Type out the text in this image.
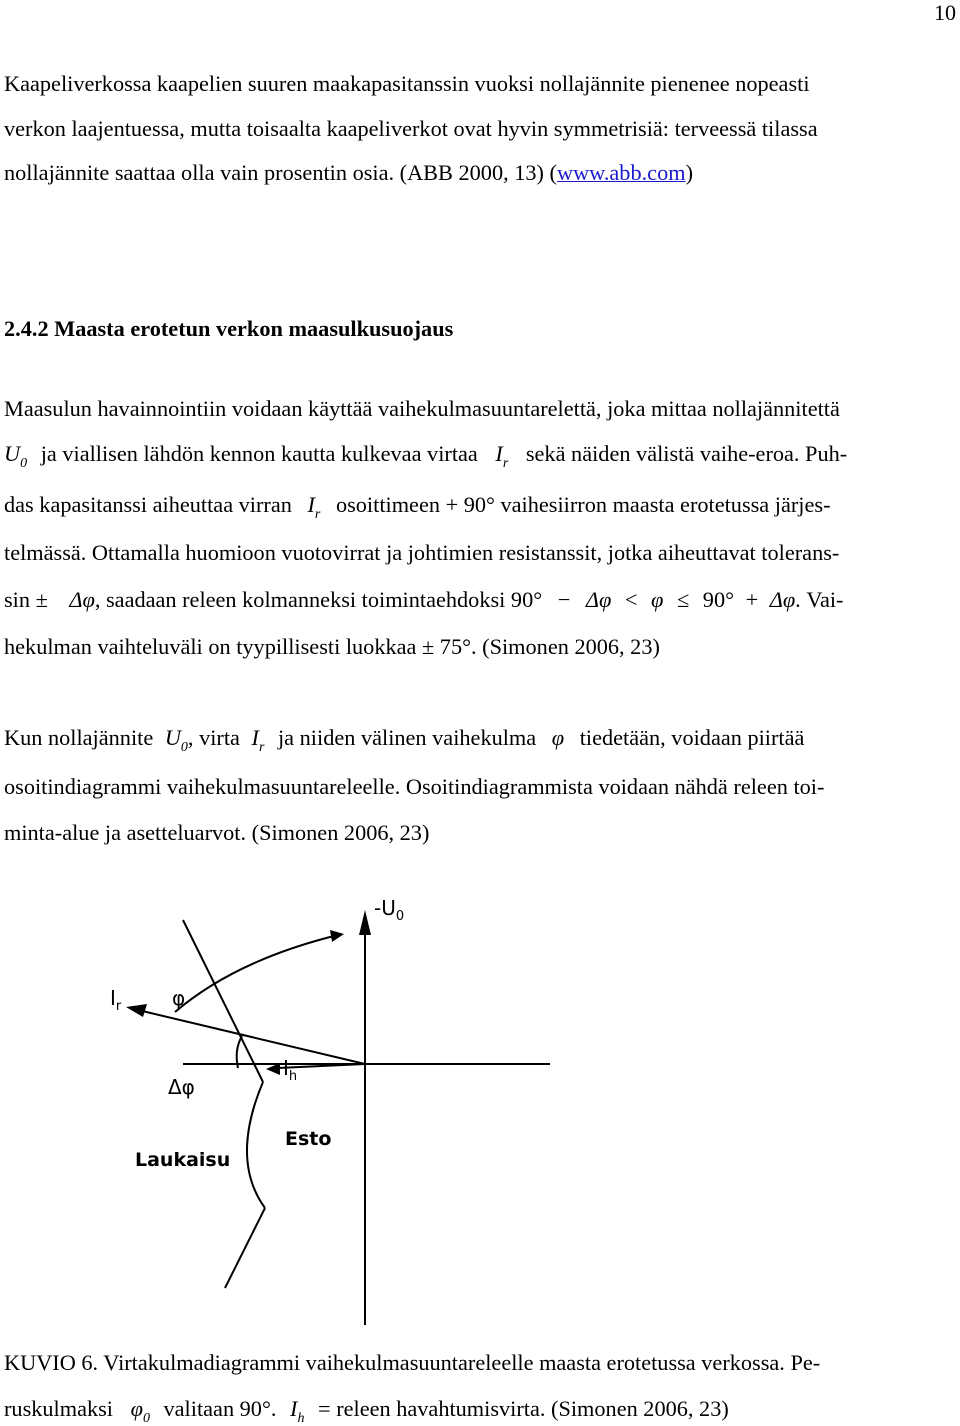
10
Kaapeliverkossa kaapelien suuren maakapasitanssin vuoksi nollajännite pienenee nopeasti
verkon laajentuessa, mutta toisaalta kaapeliverkot ovat hyvin symmetrisiä: terveessä tilassa
nollajännite saattaa olla vain prosentin osia. (ABB 2000, 13) (www.abb.com)
2.4.2 Maasta erotetun verkon maasulkusuojaus
Maasulun havainnointiin voidaan käyttää vaihekulmasuuntarelettä, joka mittaa nollajännitettä
$U_0$ ja viallisen lähdön kennon kautta kulkevaa virtaa $I_r$ sekä näiden välistä vaihe-eroa. Puh-
das kapasitanssi aiheuttaa virran $I_r$ osoittimeen + 90° vaihesiirron maasta erotetussa järjes-
telmässä. Ottamalla huomioon vuotovirrat ja johtimien resistanssit, jotka aiheuttavat tolerans-
sin ± Δφ, saadaan releen kolmanneksi toimintaehdoksi 90° − Δφ < φ ≤ 90° + Δφ. Vai-
hekulman vaihteluväli on tyypillisesti luokkaa ± 75°. (Simonen 2006, 23)
Kun nollajännite $U_0$, virta $I_r$ ja niiden välinen vaihekulma φ tiedetään, voidaan piirtää
osoitindiagrammi vaihekulmasuuntareleelle. Osoitindiagrammista voidaan nähdä releen toi-
minta-alue ja asetteluarvot. (Simonen 2006, 23)
$-U_0$
$I_r$	φ
$I_h$
Δφ
Esto
Laukaisu
KUVIO 6. Virtakulmadiagrammi vaihekulmasuuntareleelle maasta erotetussa verkossa. Pe-
ruskulmaksi $\varphi_0$ valitaan 90°. $I_h$ = releen havahtumisvirta. (Simonen 2006, 23)
